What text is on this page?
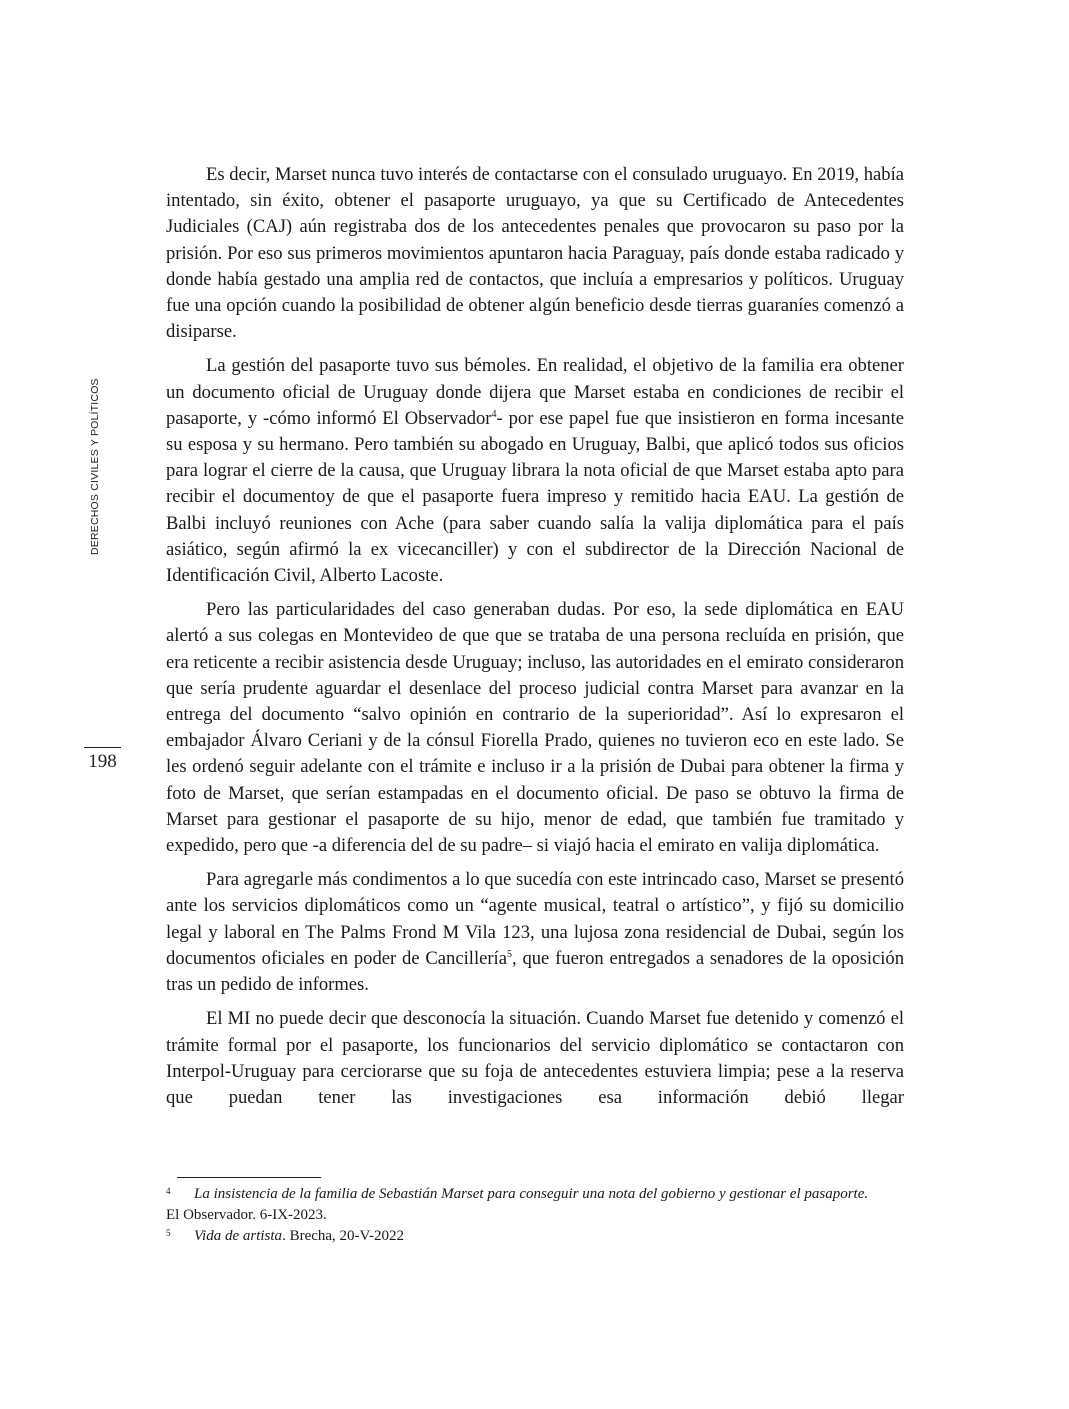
DERECHOS CIVILES Y POLÍTICOS
198

Es decir, Marset nunca tuvo interés de contactarse con el consulado uruguayo. En 2019, había intentado, sin éxito, obtener el pasaporte uruguayo, ya que su Certificado de Antecedentes Judiciales (CAJ) aún registraba dos de los antecedentes penales que provocaron su paso por la prisión. Por eso sus primeros movimientos apuntaron hacia Paraguay, país donde estaba radicado y donde había gestado una amplia red de contactos, que incluía a empresarios y políticos. Uruguay fue una opción cuando la posibilidad de obtener algún beneficio desde tierras guaraníes comenzó a disiparse.

La gestión del pasaporte tuvo sus bémoles. En realidad, el objetivo de la familia era obtener un documento oficial de Uruguay donde dijera que Marset estaba en condiciones de recibir el pasaporte, y -cómo informó El Observador$^4$- por ese papel fue que insistieron en forma incesante su esposa y su hermano. Pero también su abogado en Uruguay, Balbi, que aplicó todos sus oficios para lograr el cierre de la causa, que Uruguay librara la nota oficial de que Marset estaba apto para recibir el documentoy de que el pasaporte fuera impreso y remitido hacia EAU. La gestión de Balbi incluyó reuniones con Ache (para saber cuando salía la valija diplomática para el país asiático, según afirmó la ex vicecanciller) y con el subdirector de la Dirección Nacional de Identificación Civil, Alberto Lacoste.

Pero las particularidades del caso generaban dudas. Por eso, la sede diplomática en EAU alertó a sus colegas en Montevideo de que que se trataba de una persona recluída en prisión, que era reticente a recibir asistencia desde Uruguay; incluso, las autoridades en el emirato consideraron que sería prudente aguardar el desenlace del proceso judicial contra Marset para avanzar en la entrega del documento “salvo opinión en contrario de la superioridad”. Así lo expresaron el embajador Álvaro Ceriani y de la cónsul Fiorella Prado, quienes no tuvieron eco en este lado. Se les ordenó seguir adelante con el trámite e incluso ir a la prisión de Dubai para obtener la firma y foto de Marset, que serían estampadas en el documento oficial. De paso se obtuvo la firma de Marset para gestionar el pasaporte de su hijo, menor de edad, que también fue tramitado y expedido, pero que -a diferencia del de su padre– si viajó hacia el emirato en valija diplomática.

Para agregarle más condimentos a lo que sucedía con este intrincado caso, Marset se presentó ante los servicios diplomáticos como un “agente musical, teatral o artístico”, y fijó su domicilio legal y laboral en The Palms Frond M Vila 123, una lujosa zona residencial de Dubai, según los documentos oficiales en poder de Cancillería$^5$, que fueron entregados a senadores de la oposición tras un pedido de informes.

El MI no puede decir que desconocía la situación. Cuando Marset fue detenido y comenzó el trámite formal por el pasaporte, los funcionarios del servicio diplomático se contactaron con Interpol-Uruguay para cerciorarse que su foja de antecedentes estuviera limpia; pese a la reserva que puedan tener las investigaciones esa información debió llegar

4 La insistencia de la familia de Sebastián Marset para conseguir una nota del gobierno y gestionar el pasaporte.
El Observador. 6-IX-2023.

5 Vida de artista. Brecha, 20-V-2022
